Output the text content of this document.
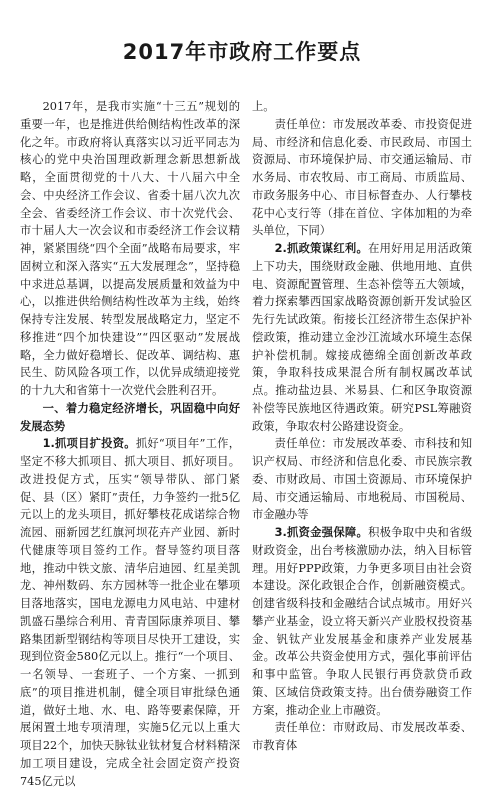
2017年市政府工作要点

2017年，是我市实施“十三五”规划的重要一年，也是推进供给侧结构性改革的深化之年。市政府将认真落实以习近平同志为核心的党中央治国理政新理念新思想新战略，全面贯彻党的十八大、十八届六中全会、中央经济工作会议、省委十届八次九次全会、省委经济工作会议、市十次党代会、市十届人大一次会议和市委经济工作会议精神，紧紧围绕“四个全面”战略布局要求，牢固树立和深入落实“五大发展理念”，坚持稳中求进总基调，以提高发展质量和效益为中心，以推进供给侧结构性改革为主线，始终保持专注发展、转型发展战略定力，坚定不移推进“四个加快建设”“四区驱动”发展战略，全力做好稳增长、促改革、调结构、惠民生、防风险各项工作，以优异成绩迎接党的十九大和省第十一次党代会胜利召开。

一、着力稳定经济增长，巩固稳中向好发展态势

1.抓项目扩投资。抓好“项目年”工作，坚定不移大抓项目、抓大项目、抓好项目。改进投促方式，压实“领导带队、部门紧促、县（区）紧盯”责任，力争签约一批5亿元以上的龙头项目，抓好攀枝花成诺综合物流园、丽新园艺红旗河坝花卉产业园、新时代健康等项目签约工作。督导签约项目落地，推动中铁文旅、清华启迪园、红星美凯龙、神州数码、东方园林等一批企业在攀项目落地落实，国电龙源电力风电站、中建材凯盛石墨综合利用、青青国际康养项目、攀路集团新型钢结构等项目尽快开工建设，实现到位资金580亿元以上。推行“一个项目、一名领导、一套班子、一个方案、一抓到底”的项目推进机制，健全项目审批绿色通道，做好土地、水、电、路等要素保障，开展闲置土地专项清理，实施5亿元以上重大项目22个，加快天脉钛业钛材复合材料精深加工项目建设，完成全社会固定资产投资745亿元以

上。

责任单位：市发展改革委、市投资促进局、市经济和信息化委、市民政局、市国土资源局、市环境保护局、市交通运输局、市水务局、市农牧局、市工商局、市质监局、市政务服务中心、市目标督查办、人行攀枝花中心支行等（排在首位、字体加粗的为牵头单位，下同）

2.抓政策谋红利。在用好用足用活政策上下功夫，围绕财政金融、供地用地、直供电、资源配置管理、生态补偿等五大领域，着力探索攀西国家战略资源创新开发试验区先行先试政策。衔接长江经济带生态保护补偿政策，推动建立金沙江流域水环境生态保护补偿机制。嫁接成德绵全面创新改革政策，争取科技成果混合所有制权属改革试点。推动盐边县、米易县、仁和区争取资源补偿等民族地区待遇政策。研究PSL筹融资政策，争取农村公路建设资金。

责任单位：市发展改革委、市科技和知识产权局、市经济和信息化委、市民族宗教委、市财政局、市国土资源局、市环境保护局、市交通运输局、市地税局、市国税局、市金融办等

3.抓资金强保障。积极争取中央和省级财政资金，出台考核激励办法，纳入目标管理。用好PPP政策，力争更多项目由社会资本建设。深化政银企合作，创新融资模式。创建省级科技和金融结合试点城市。用好兴攀产业基金，设立将天新兴产业股权投资基金、钒钛产业发展基金和康养产业发展基金。改革公共资金使用方式，强化事前评估和事中监管。争取人民银行再贷款贷币政策、区域信贷政策支持。出台债券融资工作方案，推动企业上市融资。

责任单位：市财政局、市发展改革委、市教育体
